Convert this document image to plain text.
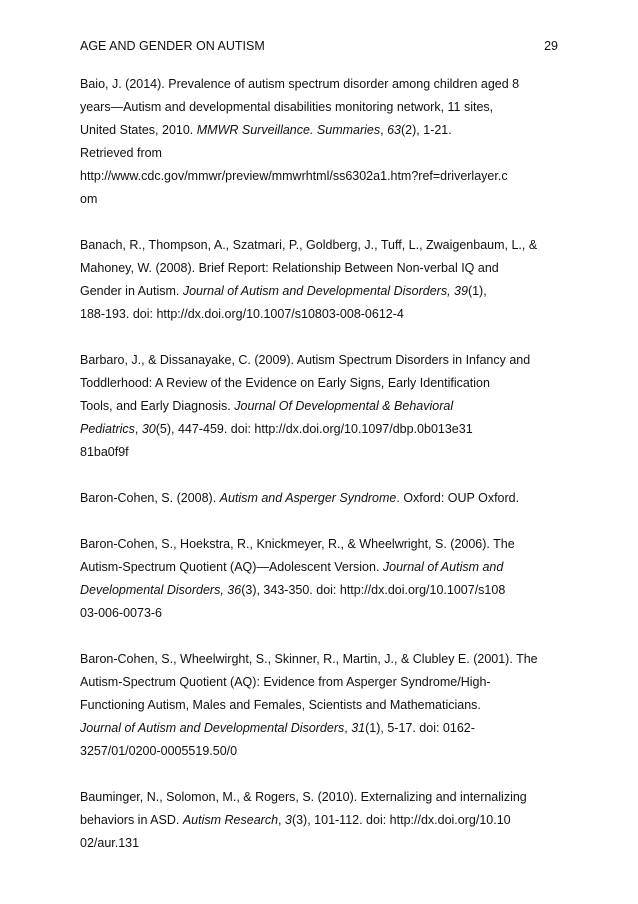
AGE AND GENDER ON AUTISM	29
Baio, J. (2014). Prevalence of autism spectrum disorder among children aged 8
years—Autism and developmental disabilities monitoring network, 11 sites,
United States, 2010. MMWR Surveillance. Summaries, 63(2), 1-21.
Retrieved from
http://www.cdc.gov/mmwr/preview/mmwrhtml/ss6302a1.htm?ref=driverlayer.c
om
Banach, R., Thompson, A., Szatmari, P., Goldberg, J., Tuff, L., Zwaigenbaum, L., &
Mahoney, W. (2008). Brief Report: Relationship Between Non-verbal IQ and
Gender in Autism. Journal of Autism and Developmental Disorders, 39(1),
188-193. doi: http://dx.doi.org/10.1007/s10803-008-0612-4
Barbaro, J., & Dissanayake, C. (2009). Autism Spectrum Disorders in Infancy and
Toddlerhood: A Review of the Evidence on Early Signs, Early Identification
Tools, and Early Diagnosis. Journal Of Developmental & Behavioral
Pediatrics, 30(5), 447-459. doi: http://dx.doi.org/10.1097/dbp.0b013e31
81ba0f9f
Baron-Cohen, S. (2008). Autism and Asperger Syndrome. Oxford: OUP Oxford.
Baron-Cohen, S., Hoekstra, R., Knickmeyer, R., & Wheelwright, S. (2006). The
Autism-Spectrum Quotient (AQ)—Adolescent Version. Journal of Autism and
Developmental Disorders, 36(3), 343-350. doi: http://dx.doi.org/10.1007/s108
03-006-0073-6
Baron-Cohen, S., Wheelwirght, S., Skinner, R., Martin, J., & Clubley E. (2001). The
Autism-Spectrum Quotient (AQ): Evidence from Asperger Syndrome/High-
Functioning Autism, Males and Females, Scientists and Mathematicians.
Journal of Autism and Developmental Disorders, 31(1), 5-17. doi: 0162-
3257/01/0200-0005519.50/0
Bauminger, N., Solomon, M., & Rogers, S. (2010). Externalizing and internalizing
behaviors in ASD. Autism Research, 3(3), 101-112. doi: http://dx.doi.org/10.10
02/aur.131
